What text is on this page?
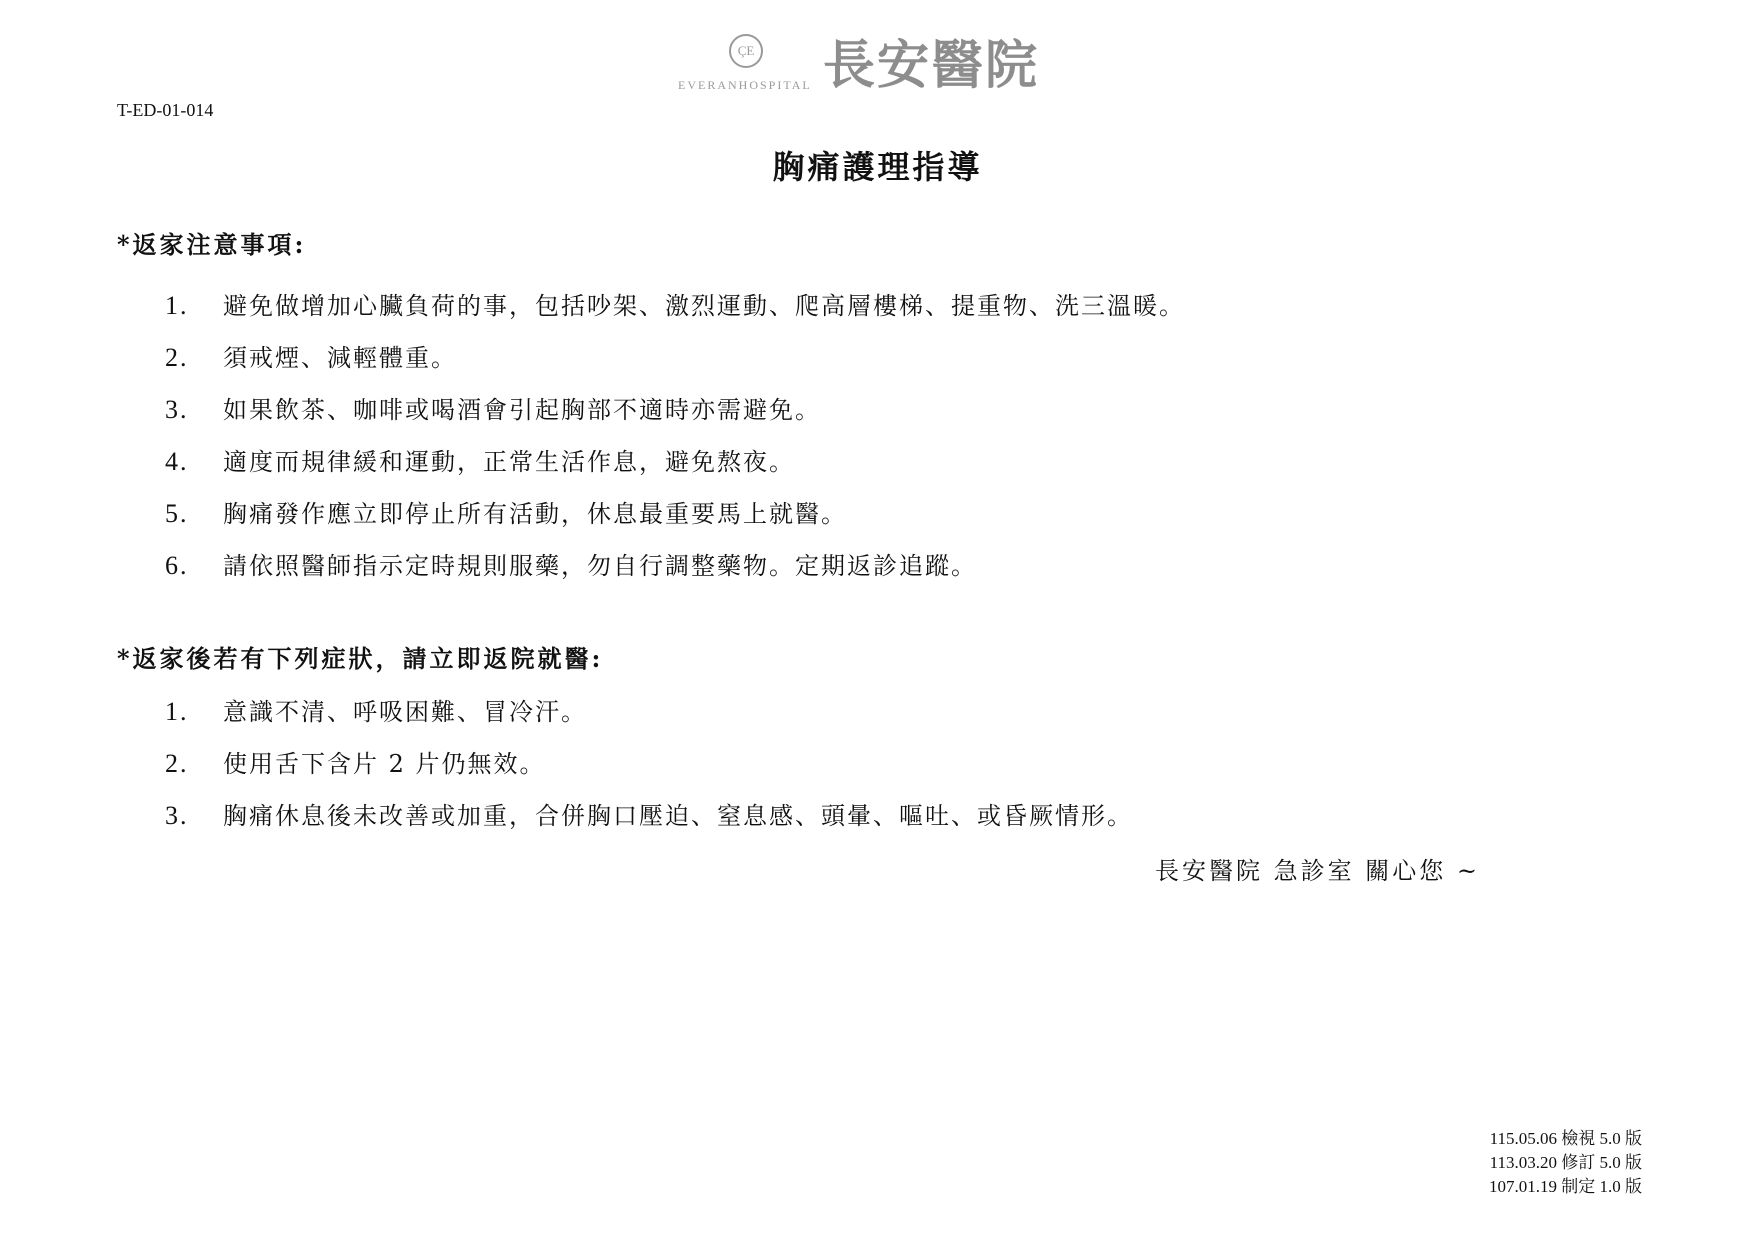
ÇE
EVERANHOSPITAL 長安醫院
T-ED-01-014
胸痛護理指導
*返家注意事項:
1.	避免做增加心臟負荷的事，包括吵架、激烈運動、爬高層樓梯、提重物、洗三溫暖。
2.	須戒煙、減輕體重。
3.	如果飲茶、咖啡或喝酒會引起胸部不適時亦需避免。
4.	適度而規律緩和運動，正常生活作息，避免熬夜。
5.	胸痛發作應立即停止所有活動，休息最重要馬上就醫。
6.	請依照醫師指示定時規則服藥，勿自行調整藥物。定期返診追蹤。
*返家後若有下列症狀，請立即返院就醫:
1.	意識不清、呼吸困難、冒冷汗。
2.	使用舌下含片 2 片仍無效。
3.	胸痛休息後未改善或加重，合併胸口壓迫、窒息感、頭暈、嘔吐、或昏厥情形。
長安醫院 急診室 關心您 ~
115.05.06 檢視 5.0 版
113.03.20 修訂 5.0 版
107.01.19 制定 1.0 版
